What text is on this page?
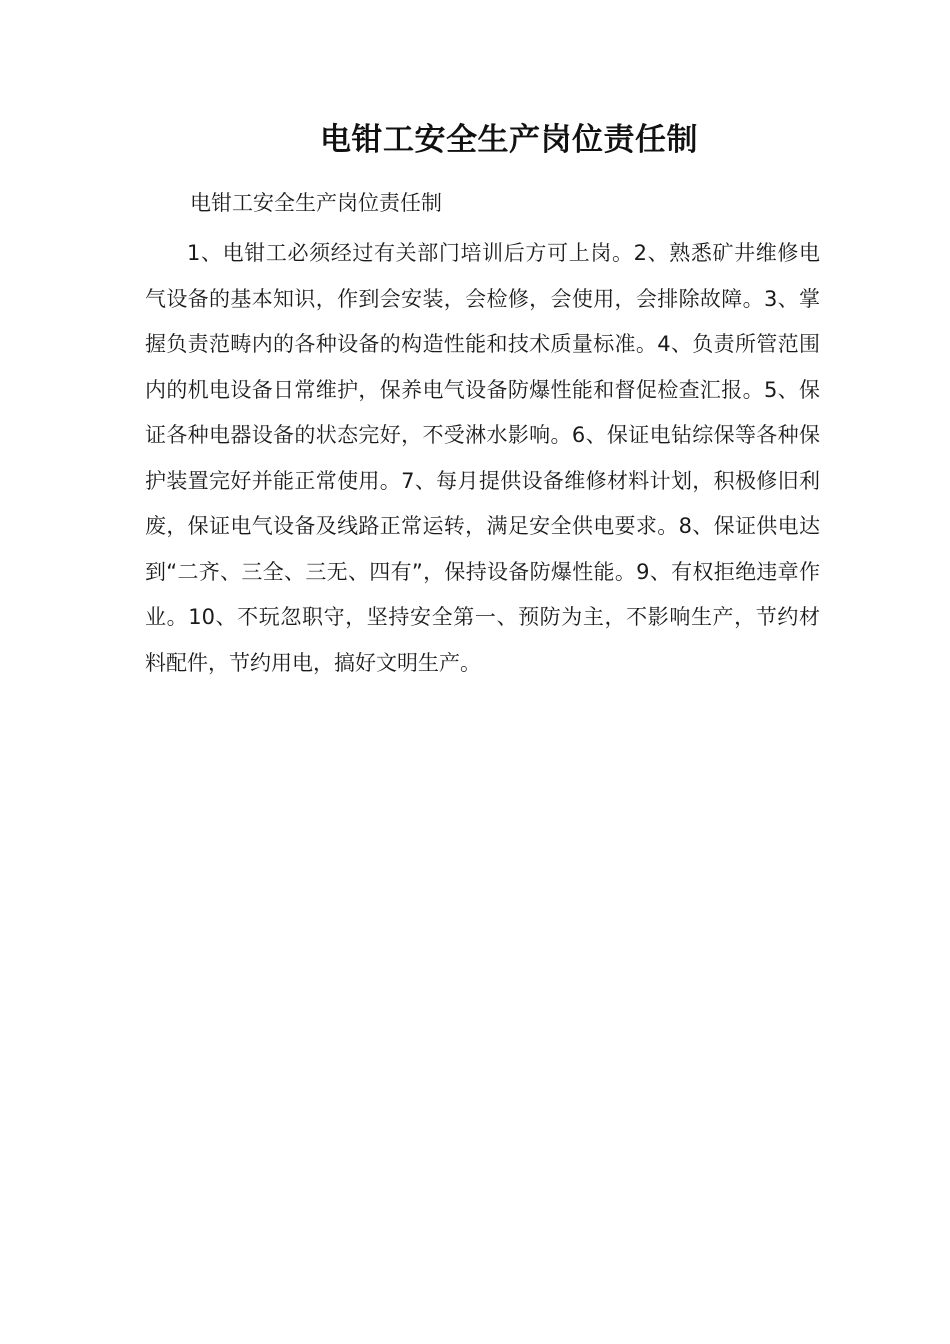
电钳工安全生产岗位责任制
电钳工安全生产岗位责任制

1、电钳工必须经过有关部门培训后方可上岗。2、熟悉矿井维修电气设备的基本知识，作到会安装，会检修，会使用，会排除故障。3、掌握负责范畴内的各种设备的构造性能和技术质量标准。4、负责所管范围内的机电设备日常维护，保养电气设备防爆性能和督促检查汇报。5、保证各种电器设备的状态完好，不受淋水影响。6、保证电钻综保等各种保护装置完好并能正常使用。7、每月提供设备维修材料计划，积极修旧利废，保证电气设备及线路正常运转，满足安全供电要求。8、保证供电达到“二齐、三全、三无、四有”，保持设备防爆性能。9、有权拒绝违章作业。10、不玩忽职守，坚持安全第一、预防为主，不影响生产，节约材料配件，节约用电，搞好文明生产。
